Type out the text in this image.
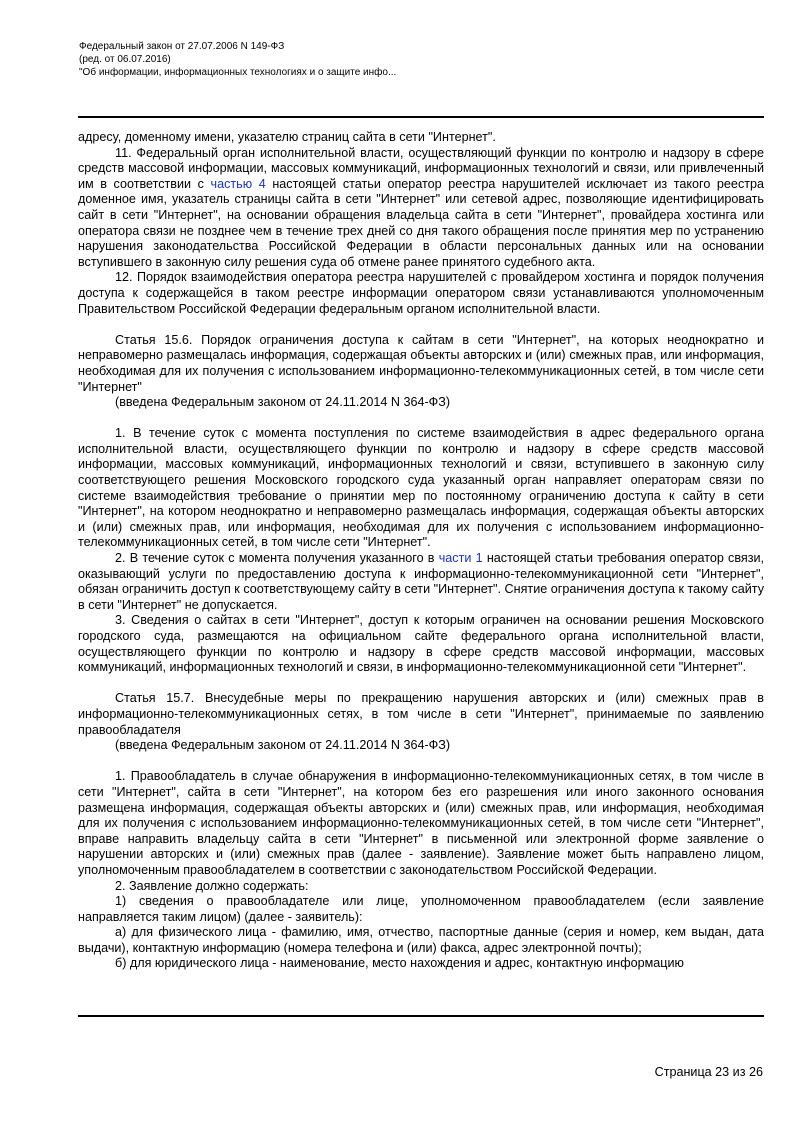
Федеральный закон от 27.07.2006 N 149-ФЗ
(ред. от 06.07.2016)
"Об информации, информационных технологиях и о защите инфо...

адресу, доменному имени, указателю страниц сайта в сети "Интернет".

11. Федеральный орган исполнительной власти, осуществляющий функции по контролю и надзору в сфере средств массовой информации, массовых коммуникаций, информационных технологий и связи, или привлеченный им в соответствии с частью 4 настоящей статьи оператор реестра нарушителей исключает из такого реестра доменное имя, указатель страницы сайта в сети "Интернет" или сетевой адрес, позволяющие идентифицировать сайт в сети "Интернет", на основании обращения владельца сайта в сети "Интернет", провайдера хостинга или оператора связи не позднее чем в течение трех дней со дня такого обращения после принятия мер по устранению нарушения законодательства Российской Федерации в области персональных данных или на основании вступившего в законную силу решения суда об отмене ранее принятого судебного акта.

12. Порядок взаимодействия оператора реестра нарушителей с провайдером хостинга и порядок получения доступа к содержащейся в таком реестре информации оператором связи устанавливаются уполномоченным Правительством Российской Федерации федеральным органом исполнительной власти.

Статья 15.6. Порядок ограничения доступа к сайтам в сети "Интернет", на которых неоднократно и неправомерно размещалась информация, содержащая объекты авторских и (или) смежных прав, или информация, необходимая для их получения с использованием информационно-телекоммуникационных сетей, в том числе сети "Интернет"

(введена Федеральным законом от 24.11.2014 N 364-ФЗ)

1. В течение суток с момента поступления по системе взаимодействия в адрес федерального органа исполнительной власти, осуществляющего функции по контролю и надзору в сфере средств массовой информации, массовых коммуникаций, информационных технологий и связи, вступившего в законную силу соответствующего решения Московского городского суда указанный орган направляет операторам связи по системе взаимодействия требование о принятии мер по постоянному ограничению доступа к сайту в сети "Интернет", на котором неоднократно и неправомерно размещалась информация, содержащая объекты авторских и (или) смежных прав, или информация, необходимая для их получения с использованием информационно-телекоммуникационных сетей, в том числе сети "Интернет".

2. В течение суток с момента получения указанного в части 1 настоящей статьи требования оператор связи, оказывающий услуги по предоставлению доступа к информационно-телекоммуникационной сети "Интернет", обязан ограничить доступ к соответствующему сайту в сети "Интернет". Снятие ограничения доступа к такому сайту в сети "Интернет" не допускается.

3. Сведения о сайтах в сети "Интернет", доступ к которым ограничен на основании решения Московского городского суда, размещаются на официальном сайте федерального органа исполнительной власти, осуществляющего функции по контролю и надзору в сфере средств массовой информации, массовых коммуникаций, информационных технологий и связи, в информационно-телекоммуникационной сети "Интернет".

Статья 15.7. Внесудебные меры по прекращению нарушения авторских и (или) смежных прав в информационно-телекоммуникационных сетях, в том числе в сети "Интернет", принимаемые по заявлению правообладателя

(введена Федеральным законом от 24.11.2014 N 364-ФЗ)

1. Правообладатель в случае обнаружения в информационно-телекоммуникационных сетях, в том числе в сети "Интернет", сайта в сети "Интернет", на котором без его разрешения или иного законного основания размещена информация, содержащая объекты авторских и (или) смежных прав, или информация, необходимая для их получения с использованием информационно-телекоммуникационных сетей, в том числе сети "Интернет", вправе направить владельцу сайта в сети "Интернет" в письменной или электронной форме заявление о нарушении авторских и (или) смежных прав (далее - заявление). Заявление может быть направлено лицом, уполномоченным правообладателем в соответствии с законодательством Российской Федерации.

2. Заявление должно содержать:

1) сведения о правообладателе или лице, уполномоченном правообладателем (если заявление направляется таким лицом) (далее - заявитель):

а) для физического лица - фамилию, имя, отчество, паспортные данные (серия и номер, кем выдан, дата выдачи), контактную информацию (номера телефона и (или) факса, адрес электронной почты);

б) для юридического лица - наименование, место нахождения и адрес, контактную информацию

Страница 23 из 26
